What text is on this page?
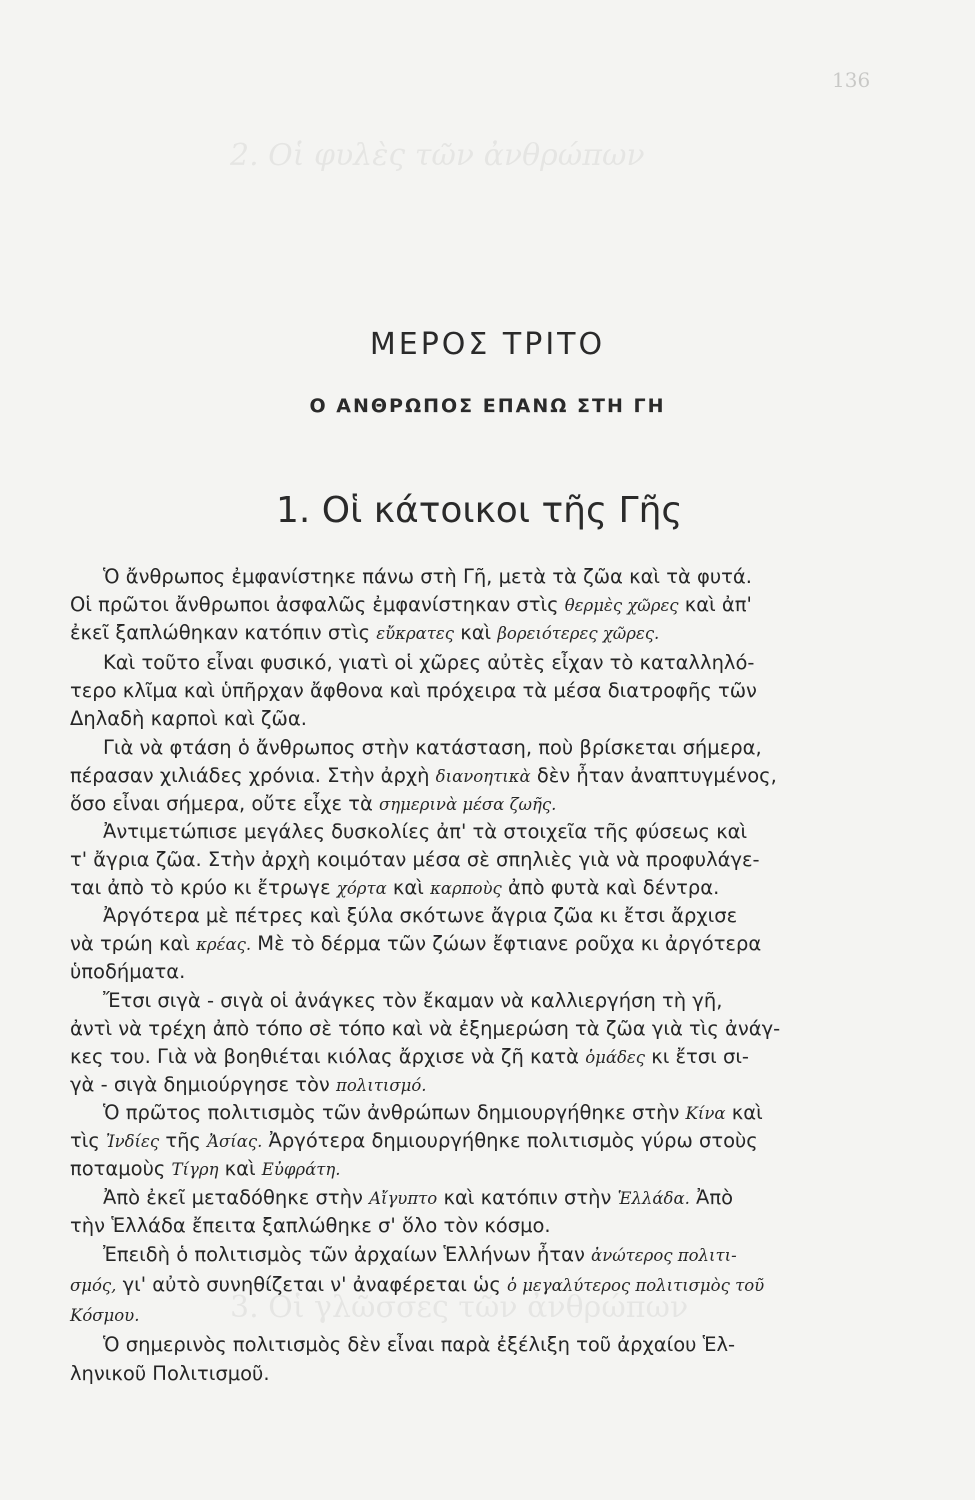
2. Οἱ φυλὲς τῶν ἀνθρώπων
3. Οἱ γλῶσσες τῶν ἀνθρώπων
136
ΜΕΡΟΣ ΤΡΙΤΟ
Ο ΑΝΘΡΩΠΟΣ ΕΠΑΝΩ ΣΤΗ ΓΗ
1. Οἱ κάτοικοι τῆς Γῆς
Ὁ ἄνθρωπος ἐμφανίστηκε πάνω στὴ Γῆ, μετὰ τὰ ζῶα καὶ τὰ φυτά.
Οἱ πρῶτοι ἄνθρωποι ἀσφαλῶς ἐμφανίστηκαν στὶς θερμὲς χῶρες καὶ ἀπ'
ἐκεῖ ξαπλώθηκαν κατόπιν στὶς εὔκρατες καὶ βορειότερες χῶρες.
Καὶ τοῦτο εἶναι φυσικό, γιατὶ οἱ χῶρες αὐτὲς εἶχαν τὸ καταλληλό-
τερο κλῖμα καὶ ὑπῆρχαν ἄφθονα καὶ πρόχειρα τὰ μέσα διατροφῆς τῶν
Δηλαδὴ καρποὶ καὶ ζῶα.
Γιὰ νὰ φτάση ὁ ἄνθρωπος στὴν κατάσταση, ποὺ βρίσκεται σήμερα,
πέρασαν χιλιάδες χρόνια. Στὴν ἀρχὴ διανοητικὰ δὲν ἦταν ἀναπτυγμένος,
ὅσο εἶναι σήμερα, οὔτε εἶχε τὰ σημερινὰ μέσα ζωῆς.
Ἀντιμετώπισε μεγάλες δυσκολίες ἀπ' τὰ στοιχεῖα τῆς φύσεως καὶ
τ' ἄγρια ζῶα. Στὴν ἀρχὴ κοιμόταν μέσα σὲ σπηλιὲς γιὰ νὰ προφυλάγε-
ται ἀπὸ τὸ κρύο κι ἔτρωγε χόρτα καὶ καρποὺς ἀπὸ φυτὰ καὶ δέντρα.
Ἀργότερα μὲ πέτρες καὶ ξύλα σκότωνε ἄγρια ζῶα κι ἔτσι ἄρχισε
νὰ τρώη καὶ κρέας. Μὲ τὸ δέρμα τῶν ζώων ἔφτιανε ροῦχα κι ἀργότερα
ὑποδήματα.
Ἔτσι σιγὰ - σιγὰ οἱ ἀνάγκες τὸν ἔκαμαν νὰ καλλιεργήση τὴ γῆ,
ἀντὶ νὰ τρέχη ἀπὸ τόπο σὲ τόπο καὶ νὰ ἐξημερώση τὰ ζῶα γιὰ τὶς ἀνάγ-
κες του. Γιὰ νὰ βοηθιέται κιόλας ἄρχισε νὰ ζῆ κατὰ ὁμάδες κι ἔτσι σι-
γὰ - σιγὰ δημιούργησε τὸν πολιτισμό.
Ὁ πρῶτος πολιτισμὸς τῶν ἀνθρώπων δημιουργήθηκε στὴν Κίνα καὶ
τὶς Ἰνδίες τῆς Ἀσίας. Ἀργότερα δημιουργήθηκε πολιτισμὸς γύρω στοὺς
ποταμοὺς Τίγρη καὶ Εὐφράτη.
Ἀπὸ ἐκεῖ μεταδόθηκε στὴν Αἴγυπτο καὶ κατόπιν στὴν Ἑλλάδα. Ἀπὸ
τὴν Ἑλλάδα ἔπειτα ξαπλώθηκε σ' ὅλο τὸν κόσμο.
Ἐπειδὴ ὁ πολιτισμὸς τῶν ἀρχαίων Ἑλλήνων ἦταν ἀνώτερος πολιτι-
σμός, γι' αὐτὸ συνηθίζεται ν' ἀναφέρεται ὡς ὁ μεγαλύτερος πολιτισμὸς τοῦ
Κόσμου.
Ὁ σημερινὸς πολιτισμὸς δὲν εἶναι παρὰ ἐξέλιξη τοῦ ἀρχαίου Ἑλ-
ληνικοῦ Πολιτισμοῦ.
